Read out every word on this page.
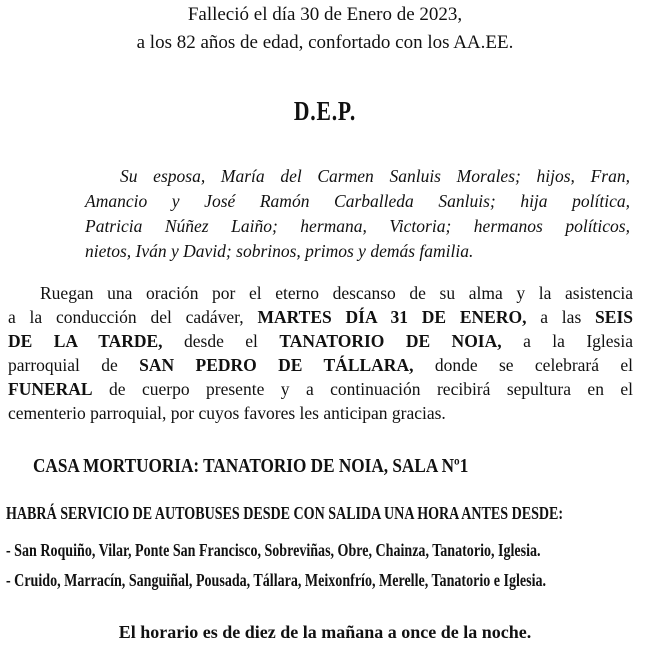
Falleció el día 30 de Enero de 2023,
a los 82 años de edad, confortado con los AA.EE.
D.E.P.
Su esposa, María del Carmen Sanluis Morales; hijos, Fran,
Amancio y José Ramón Carballeda Sanluis; hija política,
Patricia Núñez Laiño; hermana, Victoria; hermanos políticos,
nietos, Iván y David; sobrinos, primos y demás familia.
Ruegan una oración por el eterno descanso de su alma y la asistencia
a la conducción del cadáver, MARTES DÍA 31 DE ENERO, a las SEIS
DE LA TARDE, desde el TANATORIO DE NOIA, a la Iglesia
parroquial de SAN PEDRO DE TÁLLARA, donde se celebrará el
FUNERAL de cuerpo presente y a continuación recibirá sepultura en el
cementerio parroquial, por cuyos favores les anticipan gracias.
CASA MORTUORIA: TANATORIO DE NOIA, SALA Nº1
HABRÁ SERVICIO DE AUTOBUSES DESDE CON SALIDA UNA HORA ANTES DESDE:
- San Roquiño, Vilar, Ponte San Francisco, Sobreviñas, Obre, Chainza, Tanatorio, Iglesia.
- Cruido, Marracín, Sanguiñal, Pousada, Tállara, Meixonfrío, Merelle, Tanatorio e Iglesia.
El horario es de diez de la mañana a once de la noche.
